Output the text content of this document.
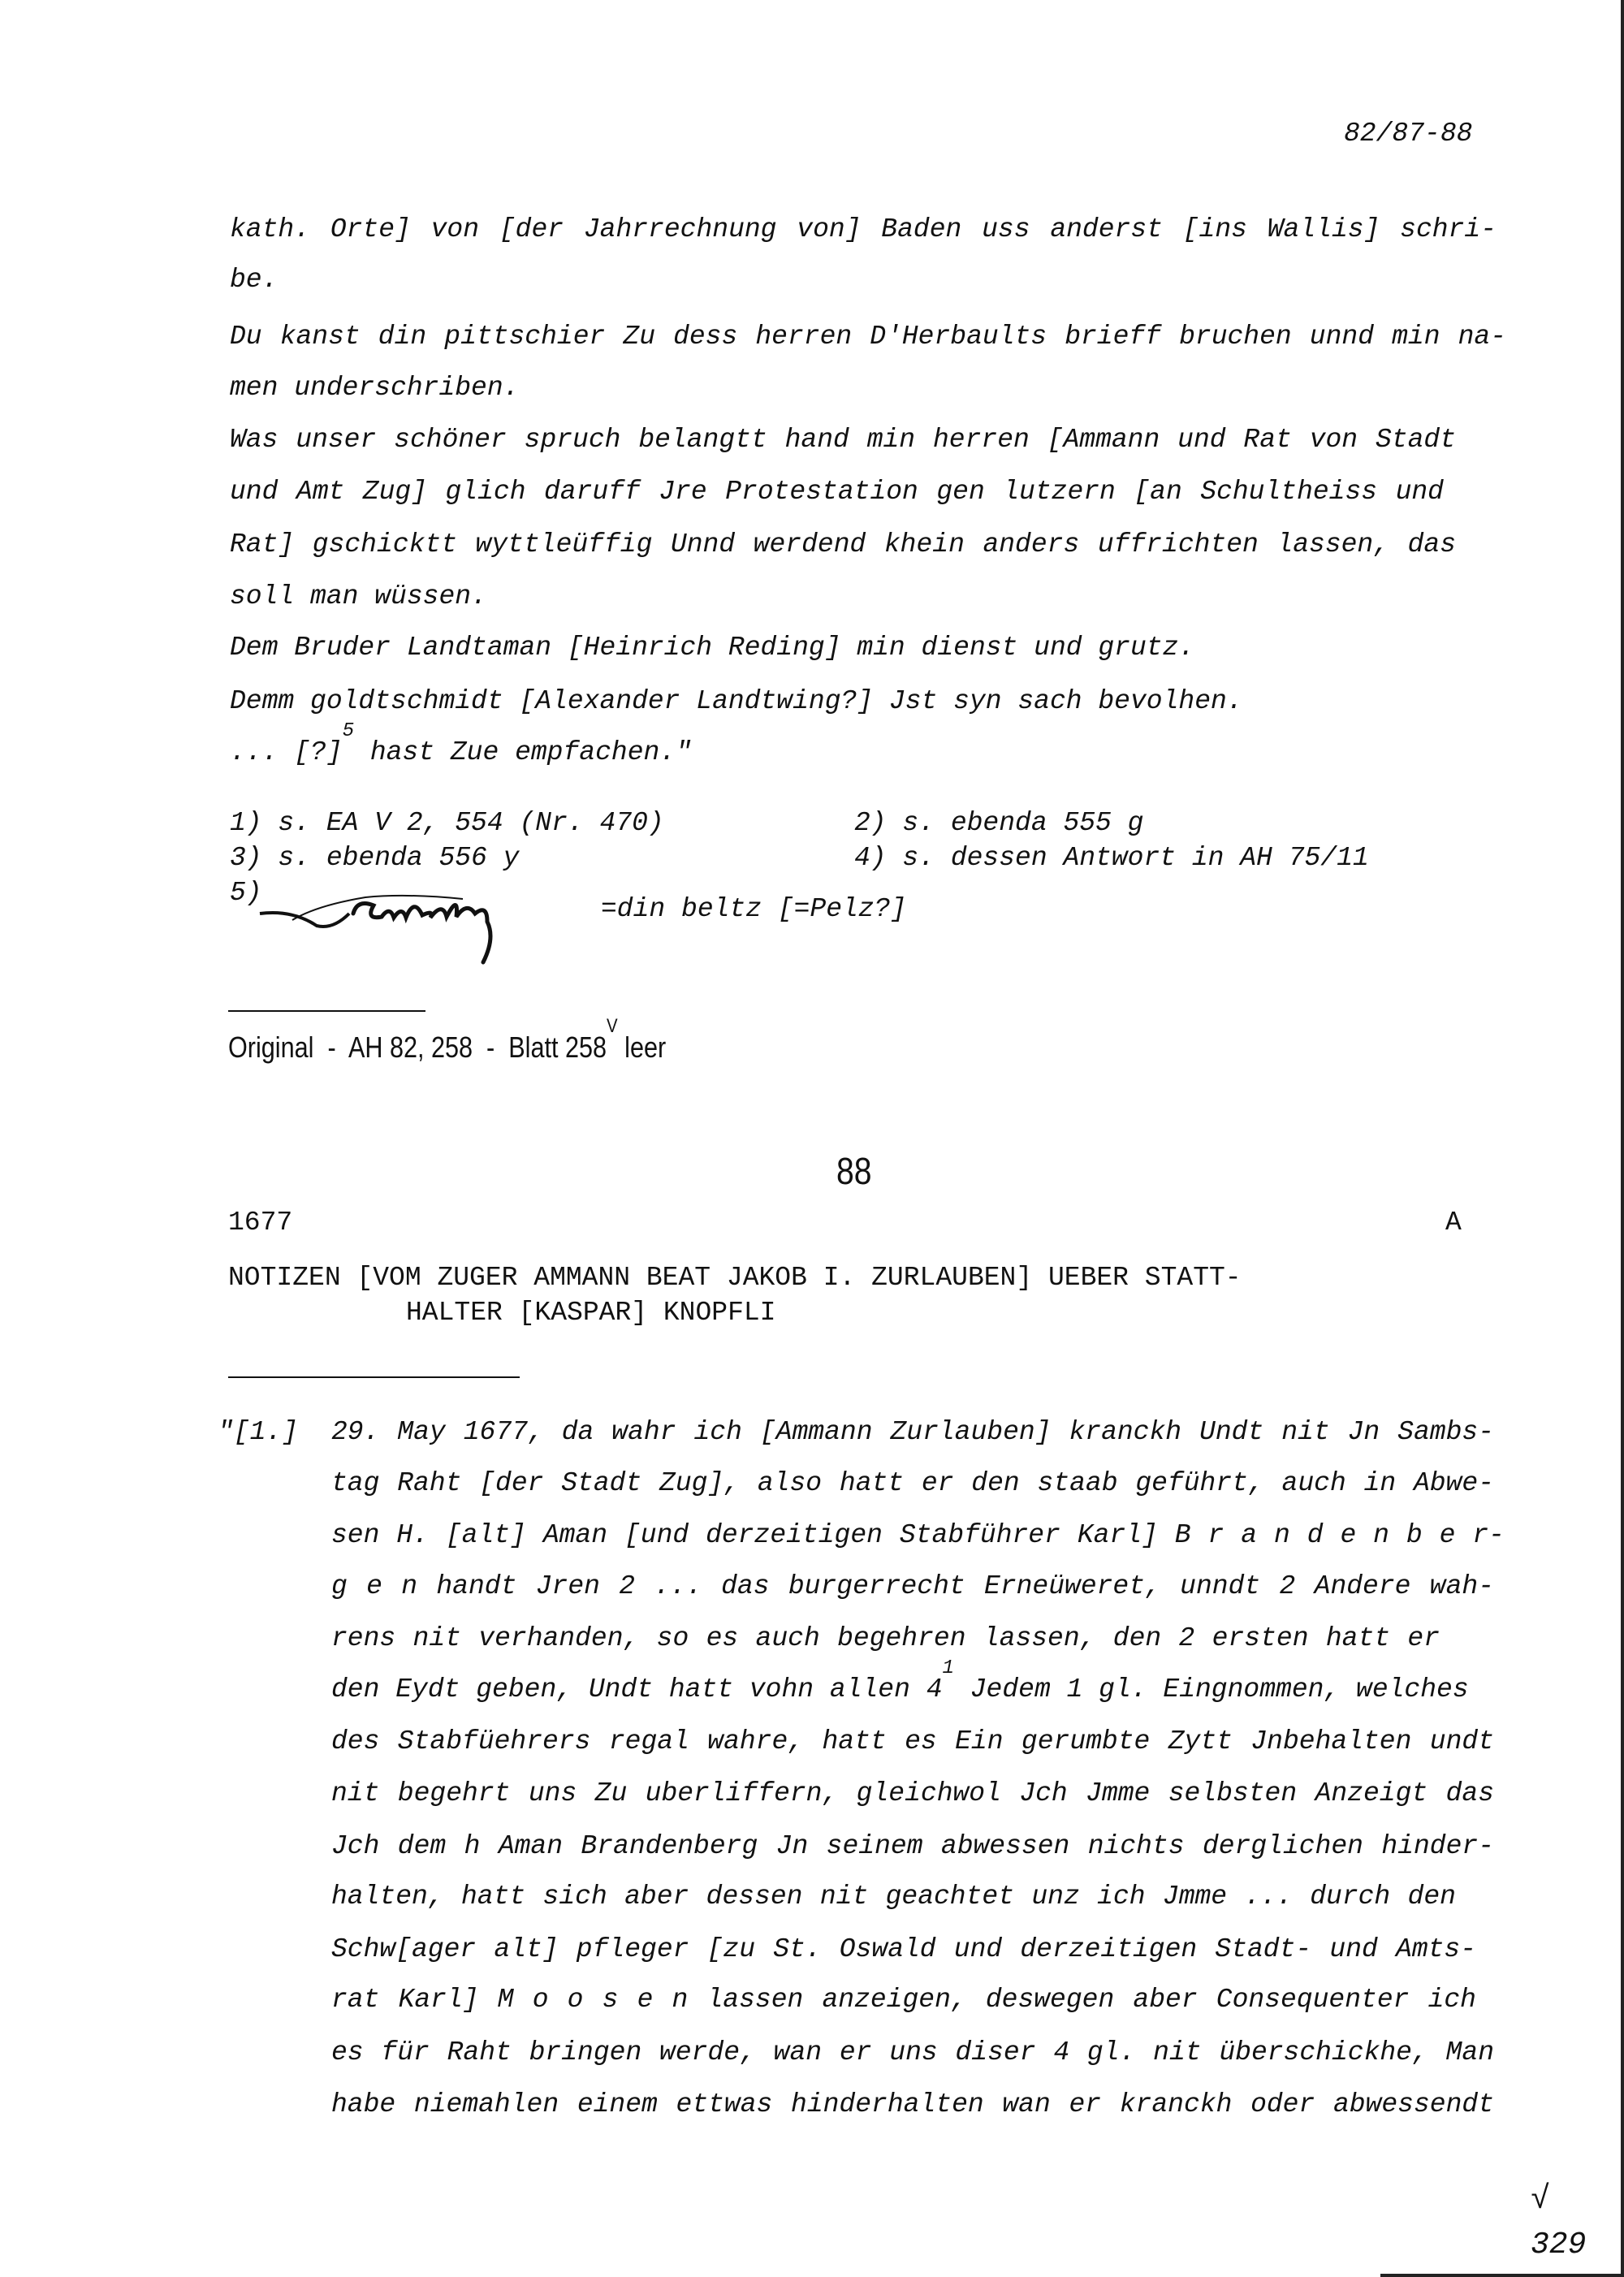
82/87-88
kath. Orte] von [der Jahrrechnung von] Baden uss anderst [ins Wallis] schri-
be.
Du kanst din pittschier Zu dess herren D'Herbaults brieff bruchen unnd min na-
men underschriben.
Was unser schöner spruch belangtt hand min herren [Ammann und Rat von Stadt
und Amt Zug] glich daruff Jre Protestation gen lutzern [an Schultheiss und
Rat] gschicktt wyttleüffig Unnd werdend khein anders uffrichten lassen, das
soll man wüssen.
Dem Bruder Landtaman [Heinrich Reding] min dienst und grutz.
Demm goldtschmidt [Alexander Landtwing?] Jst syn sach bevolhen.
... [?]$^5$ hast Zue empfachen."
1) s. EA V 2, 554 (Nr. 470)	2) s. ebenda 555 g
3) s. ebenda 556 y	4) s. dessen Antwort in AH 75/11
5)
=din beltz [=Pelz?]
Original  -  AH 82, 258  -  Blatt $258^V$ leer
88
1677	A
NOTIZEN [VOM ZUGER AMMANN BEAT JAKOB I. ZURLAUBEN] UEBER STATT-
HALTER [KASPAR] KNOPFLI
"[1.] 29. May 1677, da wahr ich [Ammann Zurlauben] kranckh Undt nit Jn Sambs-
tag Raht [der Stadt Zug], also hatt er den staab geführt, auch in Abwe-
sen H. [alt] Aman [und derzeitigen Stabführer Karl] B r a n d e n b e r-
g e n handt Jren 2 ... das burgerrecht Erneüweret, unndt 2 Andere wah-
rens nit verhanden, so es auch begehren lassen, den 2 ersten hatt er
den Eydt geben, Undt hatt vohn allen $4^1$ Jedem 1 gl. Eingnommen, welches
des Stabfüehrers regal wahre, hatt es Ein gerumbte Zytt Jnbehalten undt
nit begehrt uns Zu uberliffern, gleichwol Jch Jmme selbsten Anzeigt das
Jch dem h Aman Brandenberg Jn seinem abwessen nichts derglichen hinder-
halten, hatt sich aber dessen nit geachtet unz ich Jmme ... durch den
Schw[ager alt] pfleger [zu St. Oswald und derzeitigen Stadt- und Amts-
rat Karl] M o o s e n lassen anzeigen, deswegen aber Consequenter ich
es für Raht bringen werde, wan er uns diser 4 gl. nit überschickhe, Man
habe niemahlen einem ettwas hinderhalten wan er kranckh oder abwessendt
√
329
